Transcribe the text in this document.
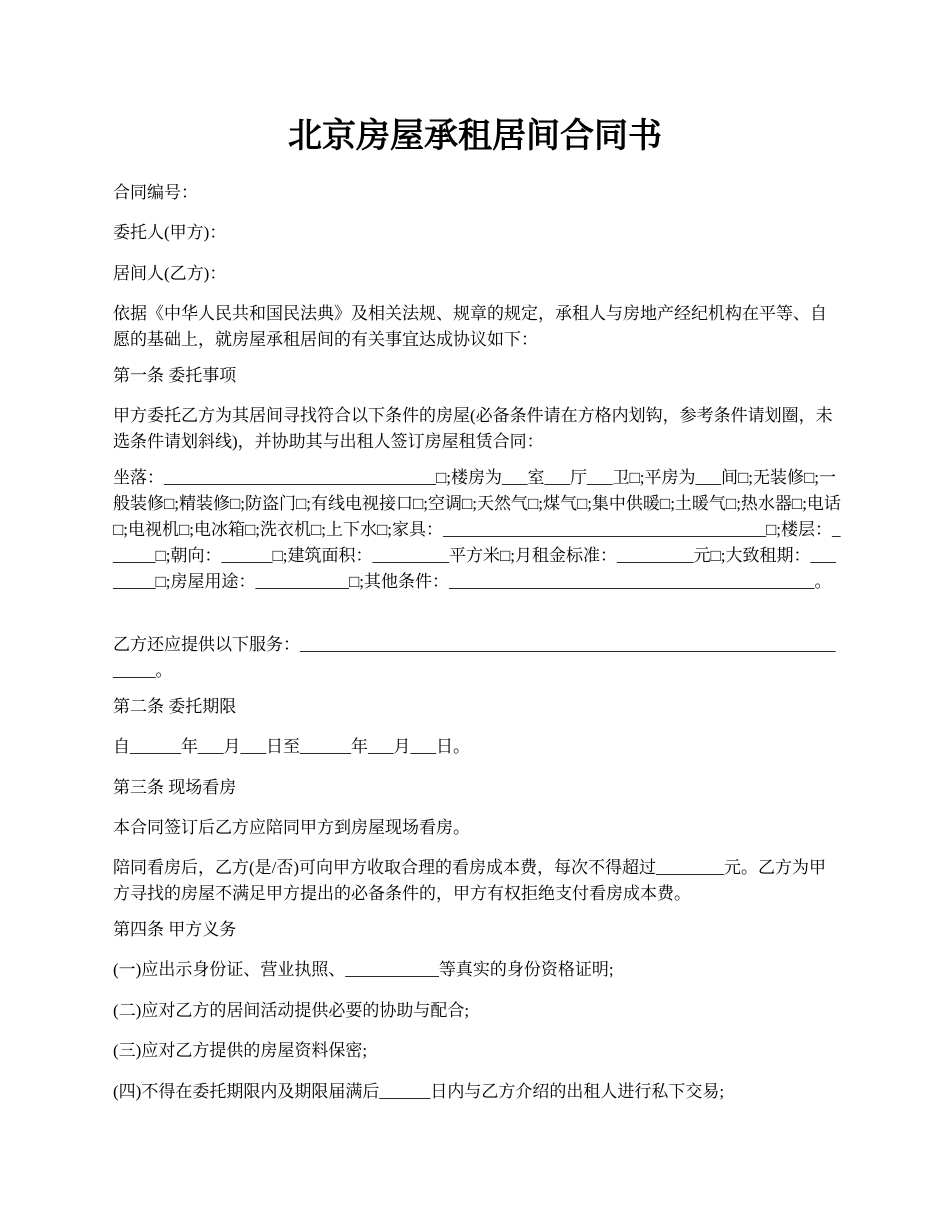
北京房屋承租居间合同书
合同编号：
委托人(甲方)：
居间人(乙方)：
依据《中华人民共和国民法典》及相关法规、规章的规定，承租人与房地产经纪机构在平等、自愿的基础上，就房屋承租居间的有关事宜达成协议如下：
第一条 委托事项
甲方委托乙方为其居间寻找符合以下条件的房屋(必备条件请在方格内划钩，参考条件请划圈，未选条件请划斜线)，并协助其与出租人签订房屋租赁合同：
坐落：________________________________□;楼房为___室___厅___卫□;平房为___间□;无装修□;一般装修□;精装修□;防盗门□;有线电视接口□;空调□;天然气□;煤气□;集中供暖□;土暖气□;热水器□;电话□;电视机□;电冰箱□;洗衣机□;上下水□;家具：______________________________________□;楼层：______□;朝向：______□;建筑面积：_________平方米□;月租金标准：_________元□;大致租期：________□;房屋用途：___________□;其他条件：___________________________________________。
乙方还应提供以下服务：____________________________________________________________________。
第二条 委托期限
自______年___月___日至______年___月___日。
第三条 现场看房
本合同签订后乙方应陪同甲方到房屋现场看房。
陪同看房后，乙方(是/否)可向甲方收取合理的看房成本费，每次不得超过________元。乙方为甲方寻找的房屋不满足甲方提出的必备条件的，甲方有权拒绝支付看房成本费。
第四条 甲方义务
(一)应出示身份证、营业执照、___________等真实的身份资格证明;
(二)应对乙方的居间活动提供必要的协助与配合;
(三)应对乙方提供的房屋资料保密;
(四)不得在委托期限内及期限届满后______日内与乙方介绍的出租人进行私下交易;
